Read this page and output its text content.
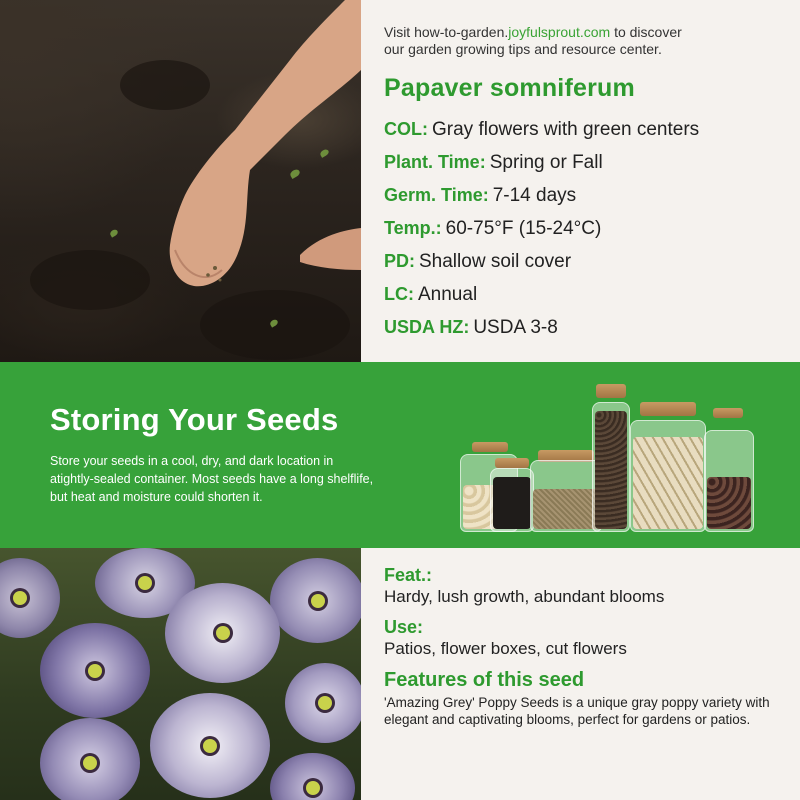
Visit how-to-garden.joyfulsprout.com to discover
our garden growing tips and resource center.
Papaver somniferum
COL: Gray flowers with green centers
Plant. Time: Spring or Fall
Germ. Time: 7-14 days
Temp.: 60-75°F (15-24°C)
PD: Shallow soil cover
LC: Annual
USDA HZ: USDA 3-8
Storing Your Seeds
Store your seeds in a cool, dry, and dark location in atightly-sealed container. Most seeds have a long shelflife, but heat and moisture could shorten it.
Feat.:
Hardy, lush growth, abundant blooms
Use:
Patios, flower boxes, cut flowers
Features of this seed
'Amazing Grey' Poppy Seeds is a unique gray poppy variety with elegant and captivating blooms, perfect for gardens or patios.
